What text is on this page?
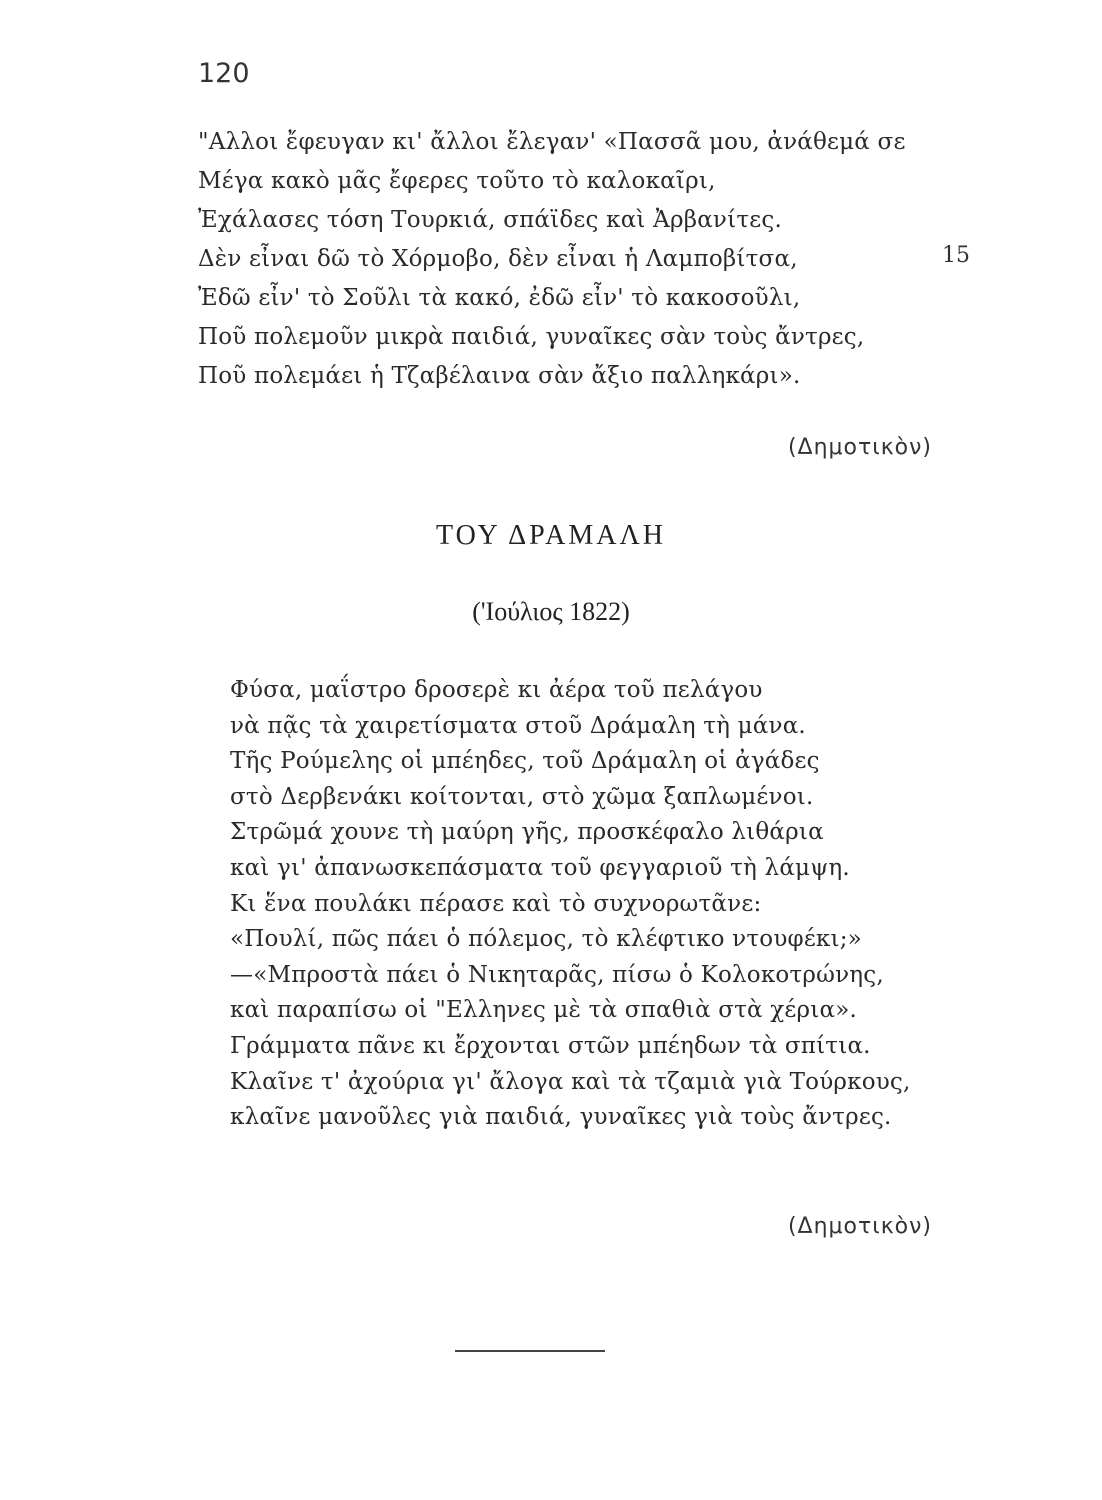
120
"Αλλοι ἔφευγαν κι' ἄλλοι ἔλεγαν' «Πασσᾶ μου, ἀνάθεμά σε
Μέγα κακὸ μᾶς ἔφερες τοῦτο τὸ καλοκαῖρι,
Ἐχάλασες τόση Τουρκιά, σπάϊδες καὶ Ἀρβανίτες.
Δὲν εἶναι δῶ τὸ Χόρμοβο, δὲν εἶναι ἡ Λαμποβίτσα,
Ἐδῶ εἶν' τὸ Σοῦλι τὰ κακό, ἐδῶ εἶν' τὸ κακοσοῦλι,
Ποῦ πολεμοῦν μικρὰ παιδιά, γυναῖκες σὰν τοὺς ἄντρες,
Ποῦ πολεμάει ἡ Τζαβέλαινα σὰν ἄξιο παλληκάρι».
15
(Δημοτικὸν)
ΤΟΥ ΔΡΑΜΑΛΗ
('Ιούλιος 1822)
Φύσα, μαΐστρο δροσερὲ κι ἀέρα τοῦ πελάγου
νὰ πᾷς τὰ χαιρετίσματα στοῦ Δράμαλη τὴ μάνα.
Τῆς Ρούμελης οἱ μπέηδες, τοῦ Δράμαλη οἱ ἀγάδες
στὸ Δερβενάκι κοίτονται, στὸ χῶμα ξαπλωμένοι.
Στρῶμά χουνε τὴ μαύρη γῆς, προσκέφαλο λιθάρια
καὶ γι' ἀπανωσκεπάσματα τοῦ φεγγαριοῦ τὴ λάμψη.
Κι ἕνα πουλάκι πέρασε καὶ τὸ συχνορωτᾶνε:
«Πουλί, πῶς πάει ὁ πόλεμος, τὸ κλέφτικο ντουφέκι;»
—«Μπροστὰ πάει ὁ Νικηταρᾶς, πίσω ὁ Κολοκοτρώνης,
καὶ παραπίσω οἱ "Ελληνες μὲ τὰ σπαθιὰ στὰ χέρια».
Γράμματα πᾶνε κι ἔρχονται στῶν μπέηδων τὰ σπίτια.
Κλαῖνε τ' ἀχούρια γι' ἄλογα καὶ τὰ τζαμιὰ γιὰ Τούρκους,
κλαῖνε μανοῦλες γιὰ παιδιά, γυναῖκες γιὰ τοὺς ἄντρες.
(Δημοτικὸν)
